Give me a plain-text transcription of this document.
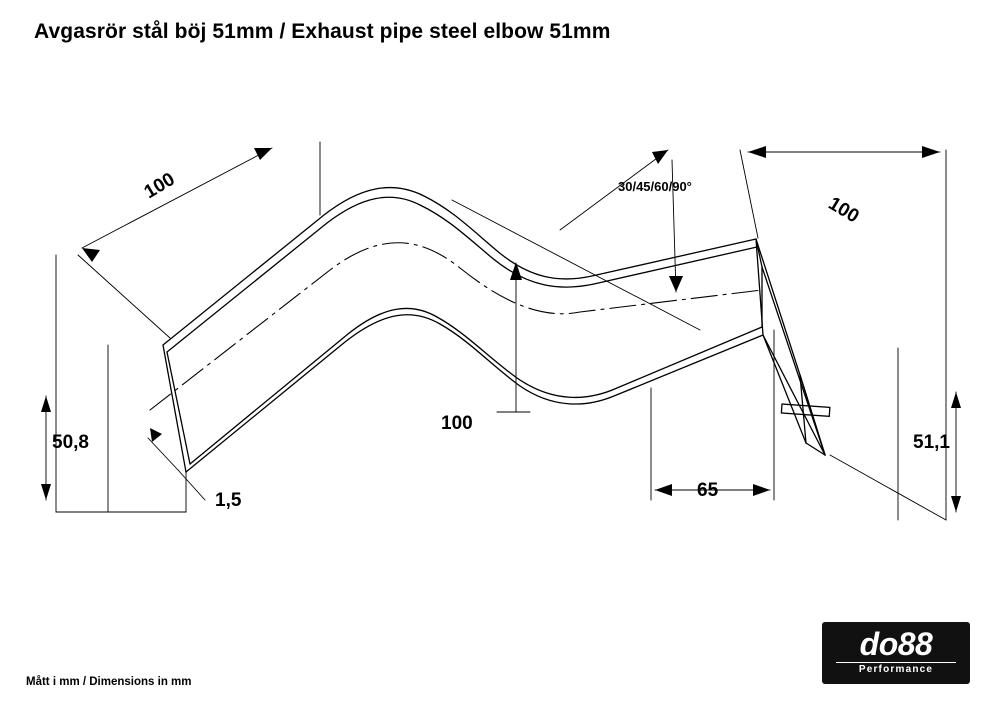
Avgasrör stål böj 51mm / Exhaust pipe steel elbow 51mm
100
100
100
50,8	51,1
1,5	65
30/45/60/90°
Mått i mm / Dimensions in mm
do88
Performance
